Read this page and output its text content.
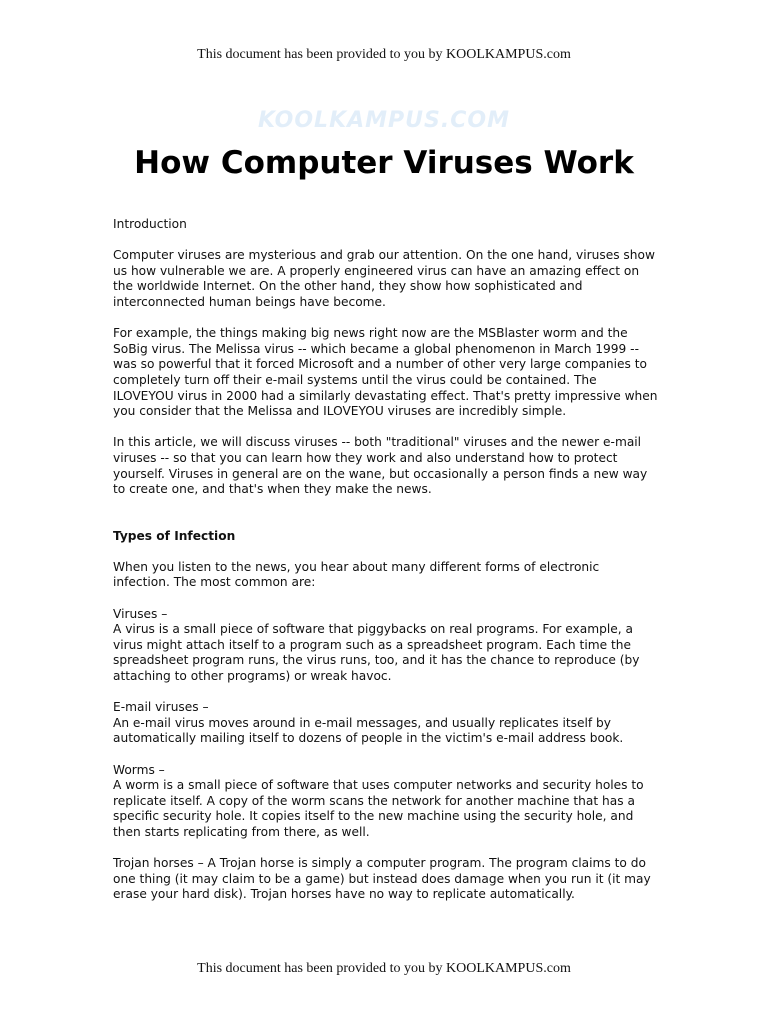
This document has been provided to you by KOOLKAMPUS.com
KOOLKAMPUS.COM
How Computer Viruses Work

Introduction

Computer viruses are mysterious and grab our attention. On the one hand, viruses show us how vulnerable we are. A properly engineered virus can have an amazing effect on the worldwide Internet. On the other hand, they show how sophisticated and interconnected human beings have become.

For example, the things making big news right now are the MSBlaster worm and the SoBig virus. The Melissa virus -- which became a global phenomenon in March 1999 -- was so powerful that it forced Microsoft and a number of other very large companies to completely turn off their e-mail systems until the virus could be contained. The ILOVEYOU virus in 2000 had a similarly devastating effect. That's pretty impressive when you consider that the Melissa and ILOVEYOU viruses are incredibly simple.

In this article, we will discuss viruses -- both "traditional" viruses and the newer e-mail viruses -- so that you can learn how they work and also understand how to protect yourself. Viruses in general are on the wane, but occasionally a person finds a new way to create one, and that's when they make the news.

Types of Infection

When you listen to the news, you hear about many different forms of electronic infection. The most common are:

Viruses –

A virus is a small piece of software that piggybacks on real programs. For example, a virus might attach itself to a program such as a spreadsheet program. Each time the spreadsheet program runs, the virus runs, too, and it has the chance to reproduce (by attaching to other programs) or wreak havoc.

E-mail viruses –

An e-mail virus moves around in e-mail messages, and usually replicates itself by automatically mailing itself to dozens of people in the victim's e-mail address book.

Worms –

A worm is a small piece of software that uses computer networks and security holes to replicate itself. A copy of the worm scans the network for another machine that has a specific security hole. It copies itself to the new machine using the security hole, and then starts replicating from there, as well.

Trojan horses – A Trojan horse is simply a computer program. The program claims to do one thing (it may claim to be a game) but instead does damage when you run it (it may erase your hard disk). Trojan horses have no way to replicate automatically.

This document has been provided to you by KOOLKAMPUS.com
